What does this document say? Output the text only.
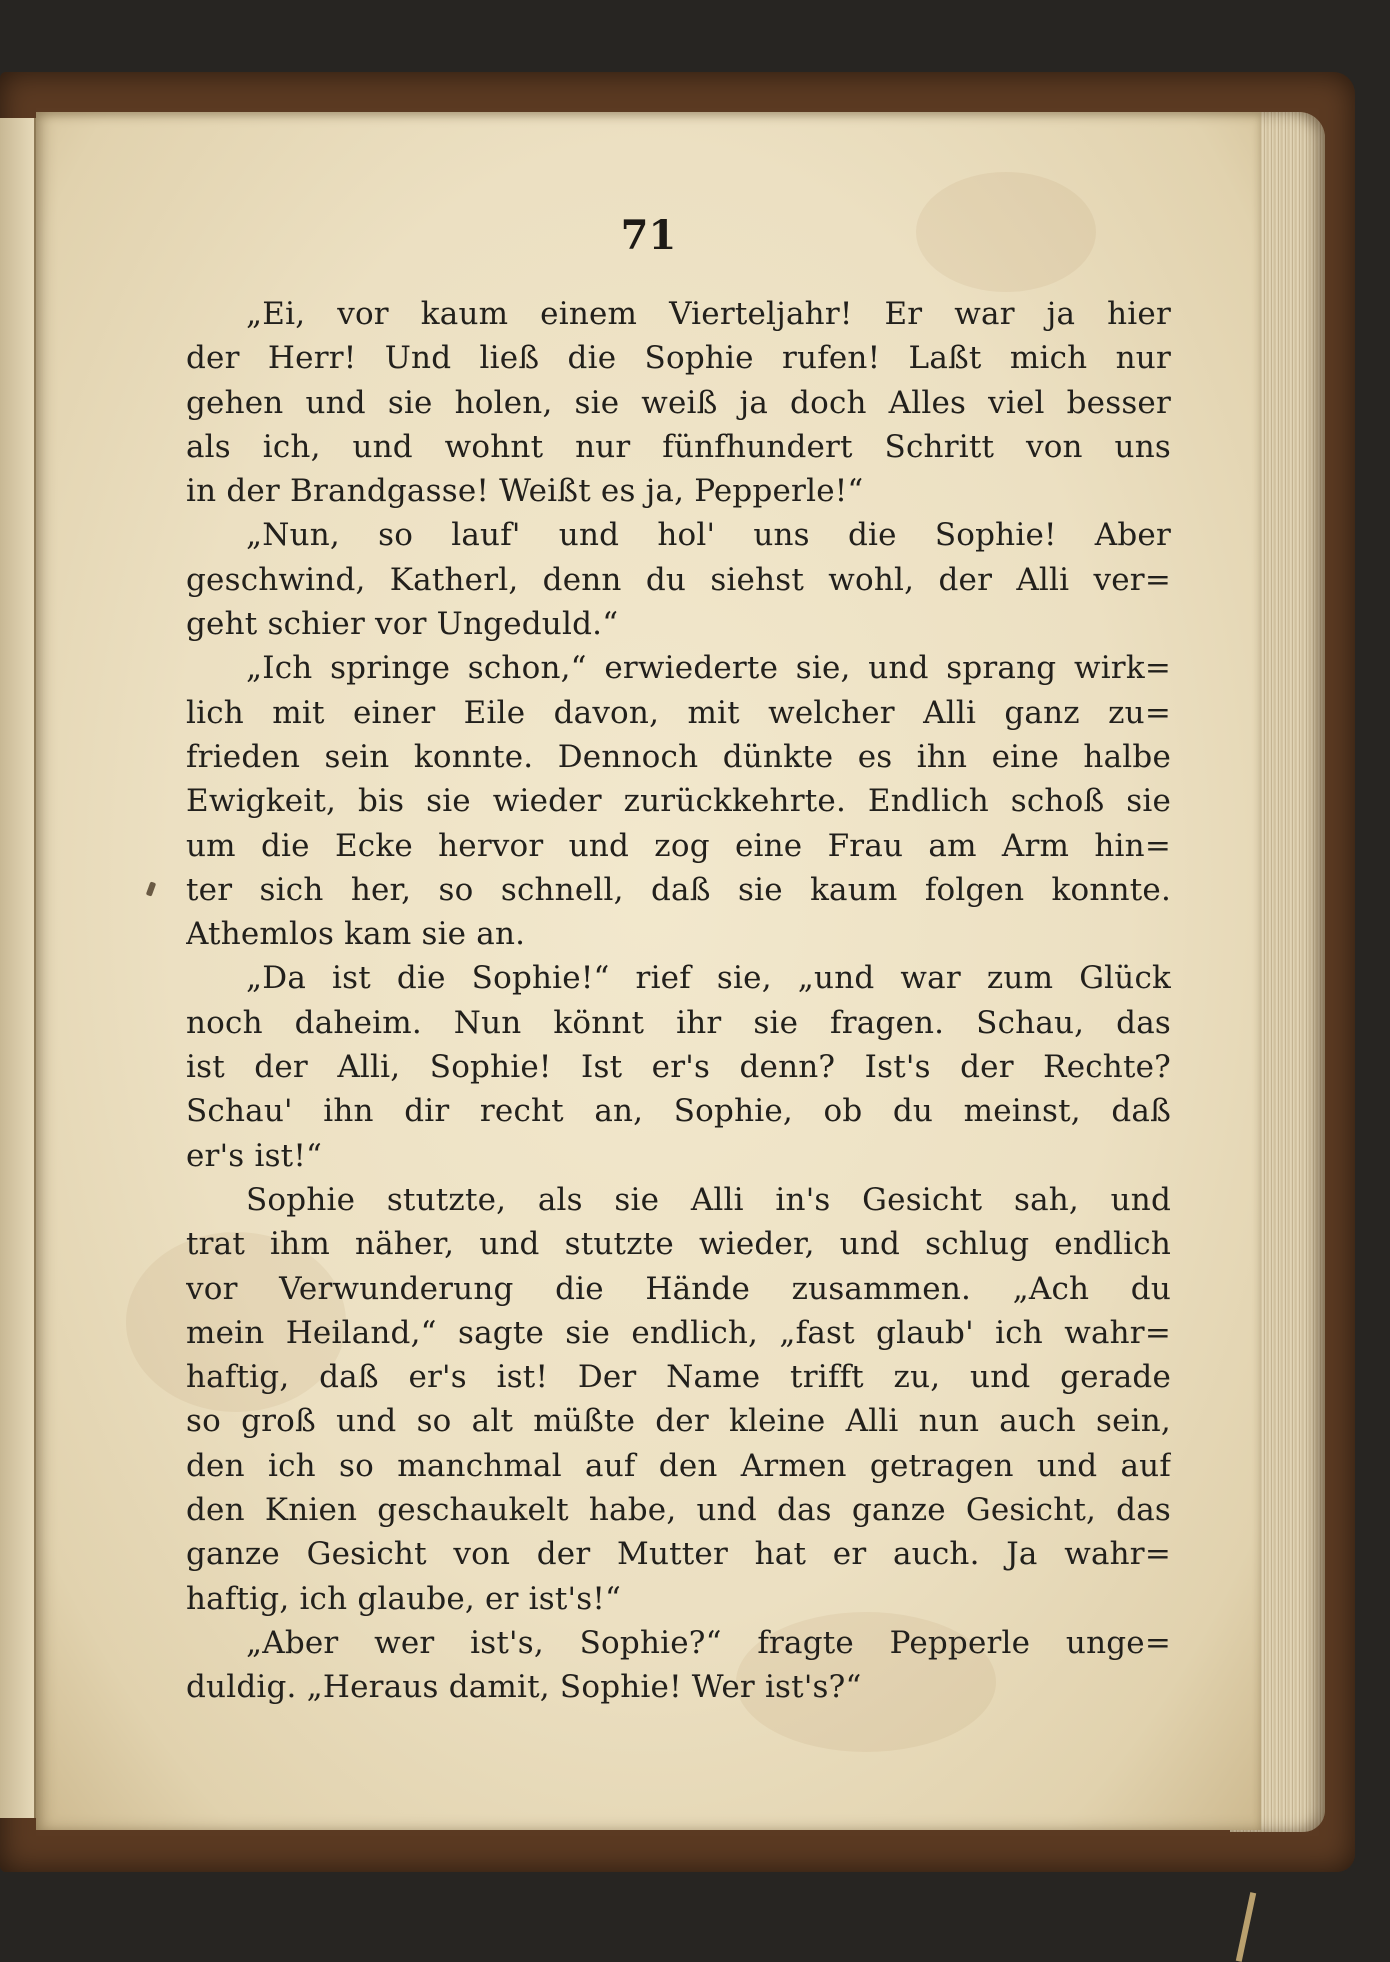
71
„Ei, vor kaum einem Vierteljahr! Er war ja hier
der Herr! Und ließ die Sophie rufen! Laßt mich nur
gehen und sie holen, sie weiß ja doch Alles viel besser
als ich, und wohnt nur fünfhundert Schritt von uns
in der Brandgasse! Weißt es ja, Pepperle!“
„Nun, so lauf' und hol' uns die Sophie! Aber
geschwind, Katherl, denn du siehst wohl, der Alli ver=
geht schier vor Ungeduld.“
„Ich springe schon,“ erwiederte sie, und sprang wirk=
lich mit einer Eile davon, mit welcher Alli ganz zu=
frieden sein konnte. Dennoch dünkte es ihn eine halbe
Ewigkeit, bis sie wieder zurückkehrte. Endlich schoß sie
um die Ecke hervor und zog eine Frau am Arm hin=
ter sich her, so schnell, daß sie kaum folgen konnte.
Athemlos kam sie an.
„Da ist die Sophie!“ rief sie, „und war zum Glück
noch daheim. Nun könnt ihr sie fragen. Schau, das
ist der Alli, Sophie! Ist er's denn? Ist's der Rechte?
Schau' ihn dir recht an, Sophie, ob du meinst, daß
er's ist!“
Sophie stutzte, als sie Alli in's Gesicht sah, und
trat ihm näher, und stutzte wieder, und schlug endlich
vor Verwunderung die Hände zusammen. „Ach du
mein Heiland,“ sagte sie endlich, „fast glaub' ich wahr=
haftig, daß er's ist! Der Name trifft zu, und gerade
so groß und so alt müßte der kleine Alli nun auch sein,
den ich so manchmal auf den Armen getragen und auf
den Knien geschaukelt habe, und das ganze Gesicht, das
ganze Gesicht von der Mutter hat er auch. Ja wahr=
haftig, ich glaube, er ist's!“
„Aber wer ist's, Sophie?“ fragte Pepperle unge=
duldig. „Heraus damit, Sophie! Wer ist's?“
